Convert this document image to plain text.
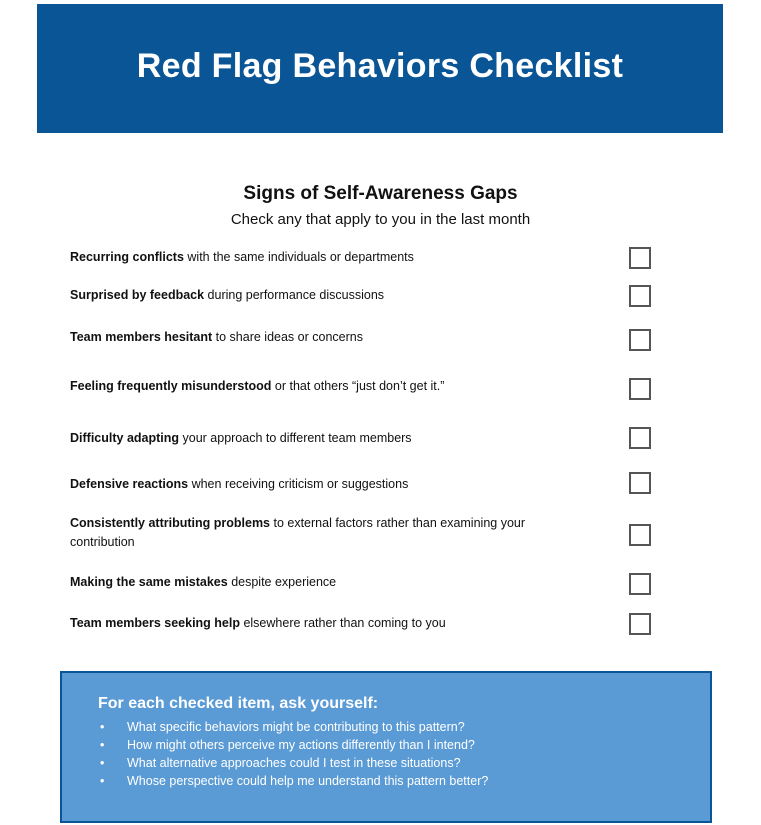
Red Flag Behaviors Checklist
Signs of Self-Awareness Gaps
Check any that apply to you in the last month
Recurring conflicts with the same individuals or departments
Surprised by feedback during performance discussions
Team members hesitant to share ideas or concerns
Feeling frequently misunderstood or that others “just don’t get it.”
Difficulty adapting your approach to different team members
Defensive reactions when receiving criticism or suggestions
Consistently attributing problems to external factors rather than examining your contribution
Making the same mistakes despite experience
Team members seeking help elsewhere rather than coming to you
For each checked item, ask yourself:
• What specific behaviors might be contributing to this pattern?
• How might others perceive my actions differently than I intend?
• What alternative approaches could I test in these situations?
• Whose perspective could help me understand this pattern better?
